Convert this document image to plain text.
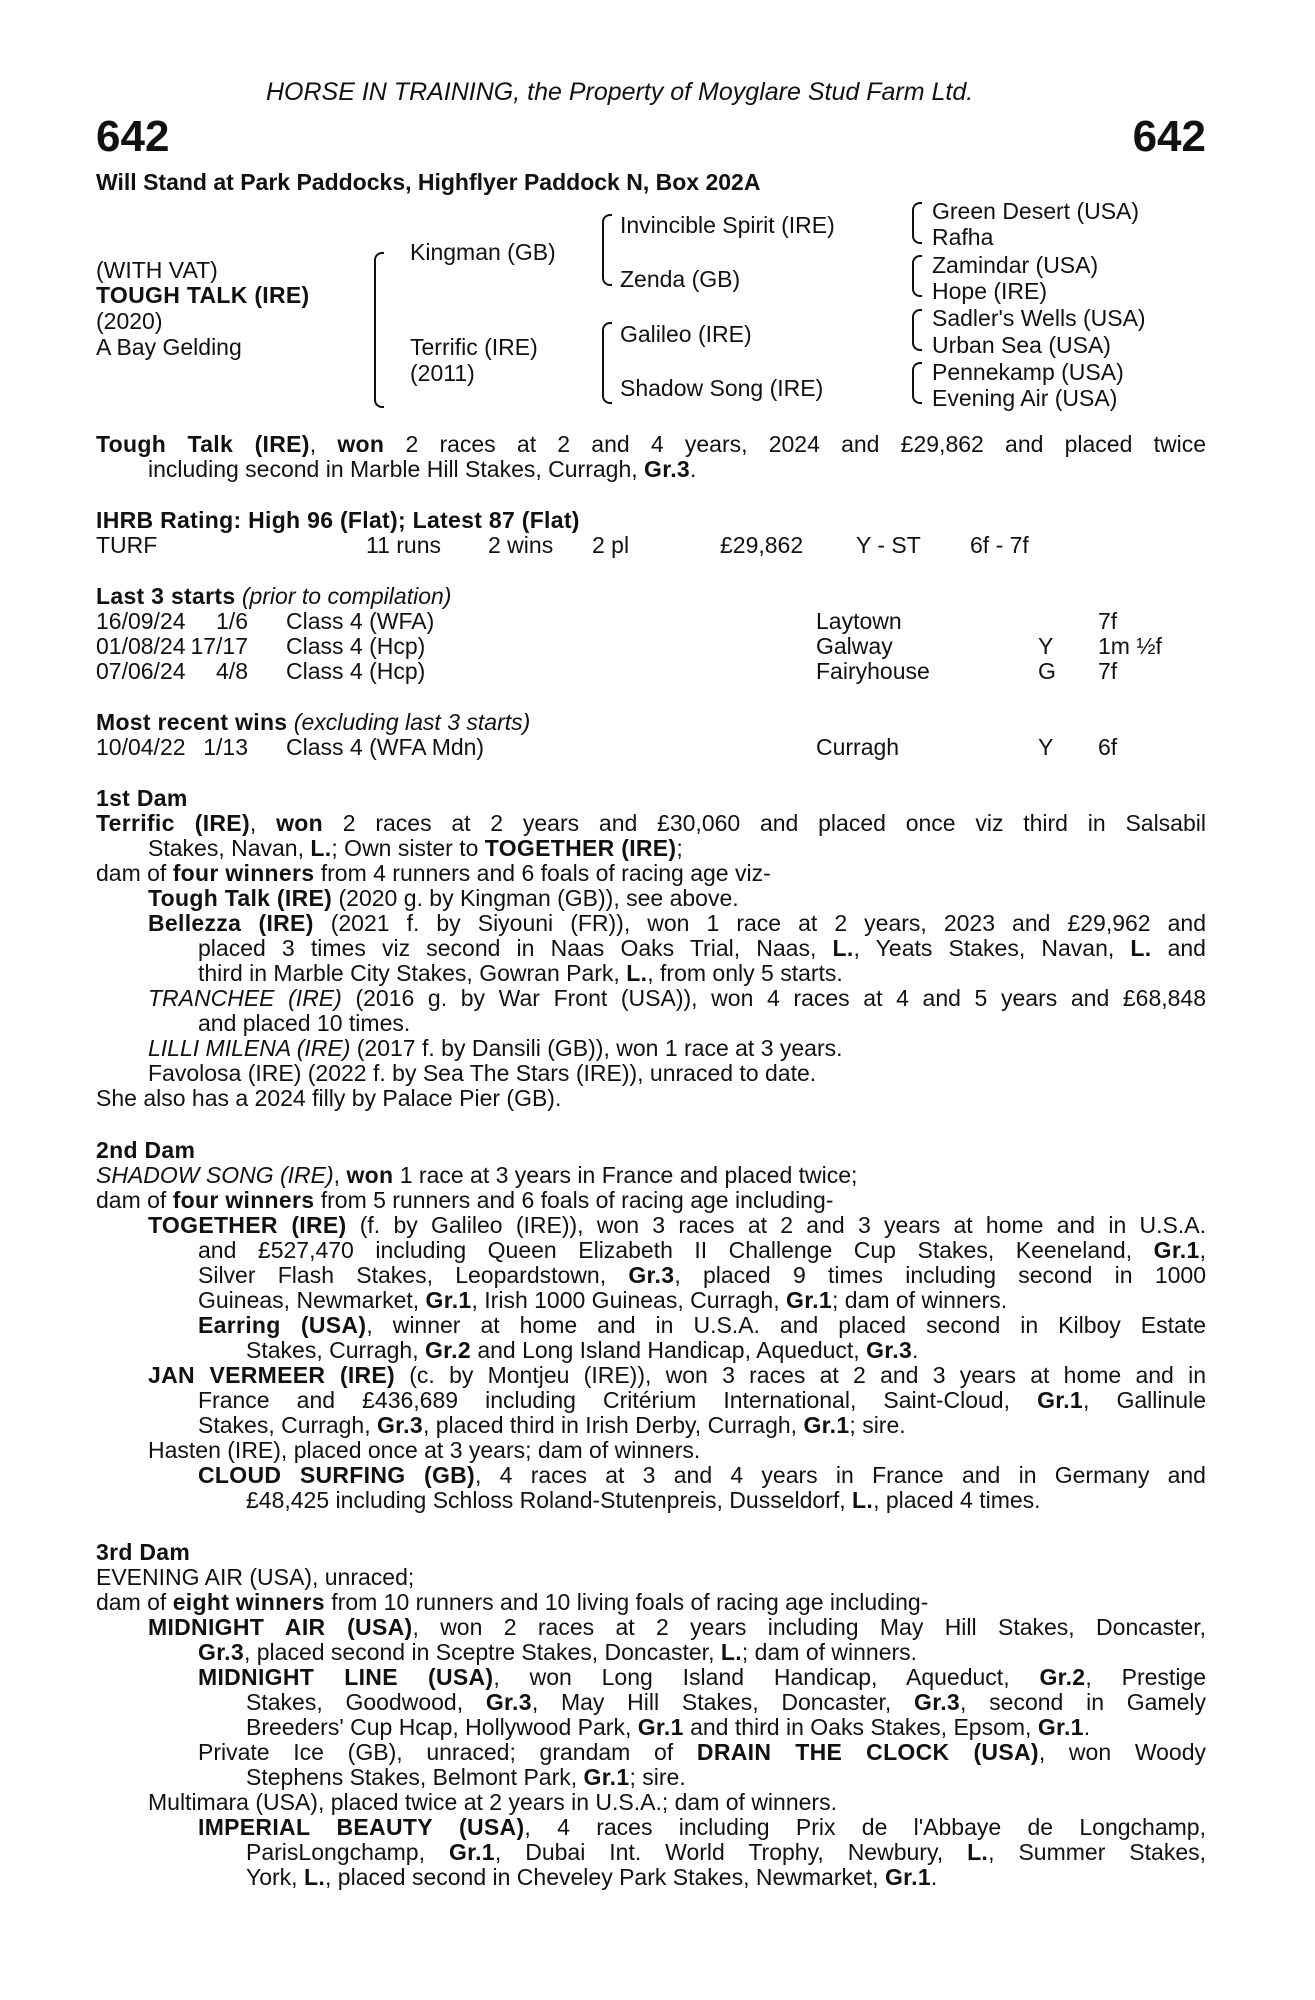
HORSE IN TRAINING, the Property of Moyglare Stud Farm Ltd.
642	642
Will Stand at Park Paddocks, Highflyer Paddock N, Box 202A
(WITH VAT)
TOUGH TALK (IRE)
(2020)
A Bay Gelding
Kingman (GB)
Terrific (IRE)
(2011)
Invincible Spirit (IRE)
Zenda (GB)
Galileo (IRE)
Shadow Song (IRE)
Green Desert (USA)
Rafha
Zamindar (USA)
Hope (IRE)
Sadler's Wells (USA)
Urban Sea (USA)
Pennekamp (USA)
Evening Air (USA)
Tough Talk (IRE), won 2 races at 2 and 4 years, 2024 and £29,862 and placed twice
including second in Marble Hill Stakes, Curragh, Gr.3.
IHRB Rating: High 96 (Flat); Latest 87 (Flat)
TURF	11 runs 2 wins 2 pl	£29,862 Y - ST 6f - 7f
Last 3 starts (prior to compilation)
16/09/24 1/6 Class 4 (WFA)	Laytown	7f
01/08/24 17/17 Class 4 (Hcp)	Galway	Y 1m ½f
07/06/24 4/8 Class 4 (Hcp)	Fairyhouse	G 7f
Most recent wins (excluding last 3 starts)
10/04/22 1/13 Class 4 (WFA Mdn)	Curragh	Y 6f
1st Dam
Terrific (IRE), won 2 races at 2 years and £30,060 and placed once viz third in Salsabil
Stakes, Navan, L.; Own sister to TOGETHER (IRE);
dam of four winners from 4 runners and 6 foals of racing age viz-
Tough Talk (IRE) (2020 g. by Kingman (GB)), see above.
Bellezza (IRE) (2021 f. by Siyouni (FR)), won 1 race at 2 years, 2023 and £29,962 and
placed 3 times viz second in Naas Oaks Trial, Naas, L., Yeats Stakes, Navan, L. and
third in Marble City Stakes, Gowran Park, L., from only 5 starts.
TRANCHEE (IRE) (2016 g. by War Front (USA)), won 4 races at 4 and 5 years and £68,848
and placed 10 times.
LILLI MILENA (IRE) (2017 f. by Dansili (GB)), won 1 race at 3 years.
Favolosa (IRE) (2022 f. by Sea The Stars (IRE)), unraced to date.
She also has a 2024 filly by Palace Pier (GB).
2nd Dam
SHADOW SONG (IRE), won 1 race at 3 years in France and placed twice;
dam of four winners from 5 runners and 6 foals of racing age including-
TOGETHER (IRE) (f. by Galileo (IRE)), won 3 races at 2 and 3 years at home and in U.S.A.
and £527,470 including Queen Elizabeth II Challenge Cup Stakes, Keeneland, Gr.1,
Silver Flash Stakes, Leopardstown, Gr.3, placed 9 times including second in 1000
Guineas, Newmarket, Gr.1, Irish 1000 Guineas, Curragh, Gr.1; dam of winners.
Earring (USA), winner at home and in U.S.A. and placed second in Kilboy Estate
Stakes, Curragh, Gr.2 and Long Island Handicap, Aqueduct, Gr.3.
JAN VERMEER (IRE) (c. by Montjeu (IRE)), won 3 races at 2 and 3 years at home and in
France and £436,689 including Critérium International, Saint-Cloud, Gr.1, Gallinule
Stakes, Curragh, Gr.3, placed third in Irish Derby, Curragh, Gr.1; sire.
Hasten (IRE), placed once at 3 years; dam of winners.
CLOUD SURFING (GB), 4 races at 3 and 4 years in France and in Germany and
£48,425 including Schloss Roland-Stutenpreis, Dusseldorf, L., placed 4 times.
3rd Dam
EVENING AIR (USA), unraced;
dam of eight winners from 10 runners and 10 living foals of racing age including-
MIDNIGHT AIR (USA), won 2 races at 2 years including May Hill Stakes, Doncaster,
Gr.3, placed second in Sceptre Stakes, Doncaster, L.; dam of winners.
MIDNIGHT LINE (USA), won Long Island Handicap, Aqueduct, Gr.2, Prestige
Stakes, Goodwood, Gr.3, May Hill Stakes, Doncaster, Gr.3, second in Gamely
Breeders' Cup Hcap, Hollywood Park, Gr.1 and third in Oaks Stakes, Epsom, Gr.1.
Private Ice (GB), unraced; grandam of DRAIN THE CLOCK (USA), won Woody
Stephens Stakes, Belmont Park, Gr.1; sire.
Multimara (USA), placed twice at 2 years in U.S.A.; dam of winners.
IMPERIAL BEAUTY (USA), 4 races including Prix de l'Abbaye de Longchamp,
ParisLongchamp, Gr.1, Dubai Int. World Trophy, Newbury, L., Summer Stakes,
York, L., placed second in Cheveley Park Stakes, Newmarket, Gr.1.
